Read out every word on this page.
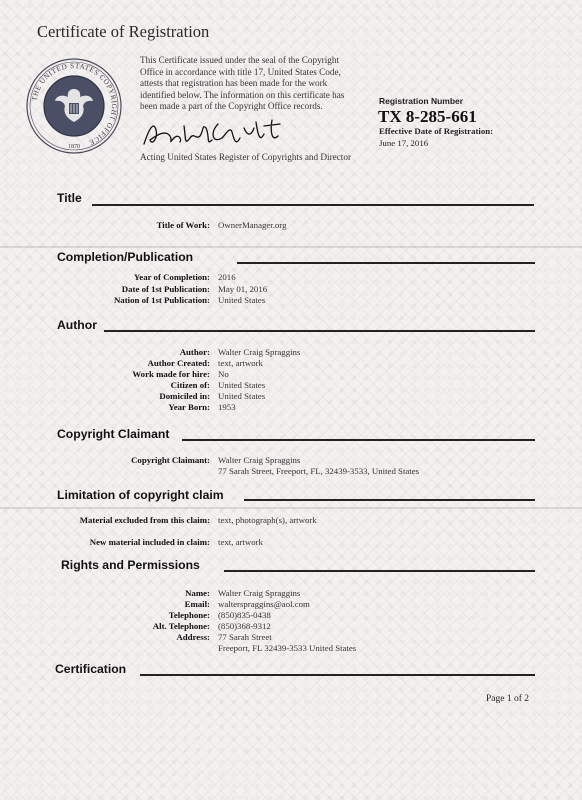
Certificate of Registration
THE UNITED STATES COPYRIGHT OFFICE
1870
This Certificate issued under the seal of the Copyright
Office in accordance with title 17, United States Code,
attests that registration has been made for the work
identified below. The information on this certificate has
been made a part of the Copyright Office records.
Acting United States Register of Copyrights and Director
Registration Number
TX 8-285-661
Effective Date of Registration:
June 17, 2016
Title
Title of Work: OwnerManager.org
Completion/Publication
Year of Completion: 2016
Date of 1st Publication: May 01, 2016
Nation of 1st Publication: United States
Author
Author: Walter Craig Spraggins
Author Created: text, artwork
Work made for hire: No
Citizen of: United States
Domiciled in: United States
Year Born: 1953
Copyright Claimant
Copyright Claimant: Walter Craig Spraggins
77 Sarah Street, Freeport, FL, 32439-3533, United States
Limitation of copyright claim
Material excluded from this claim: text, photograph(s), artwork
New material included in claim: text, artwork
Rights and Permissions
Name: Walter Craig Spraggins
Email: walterspraggins@aol.com
Telephone: (850)835-0438
Alt. Telephone: (850)368-9312
Address: 77 Sarah Street
Freeport, FL 32439-3533 United States
Certification
Page 1 of 2
